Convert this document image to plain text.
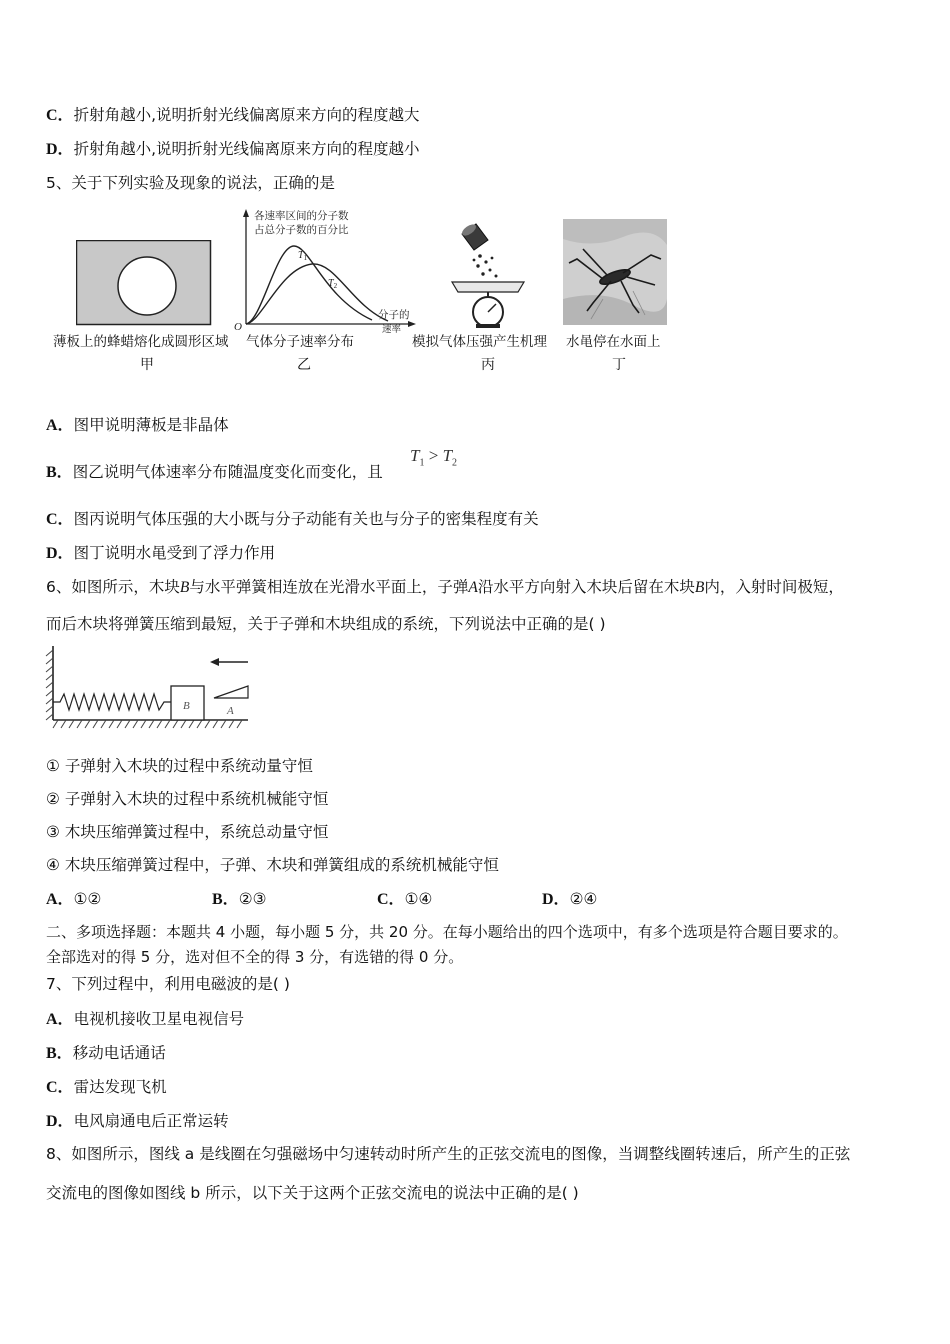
C．折射角越小,说明折射光线偏离原来方向的程度越大
D．折射角越小,说明折射光线偏离原来方向的程度越小
5、关于下列实验及现象的说法，正确的是
薄板上的蜂蜡熔化成圆形区域
甲
各速率区间的分子数
占总分子数的百分比
分子的
速率
O
$T_1$
$T_2$
气体分子速率分布
乙
模拟气体压强产生机理
丙
水黾停在水面上
丁
A．图甲说明薄板是非晶体
B．图乙说明气体速率分布随温度变化而变化，且
$T_1 > T_2$
C．图丙说明气体压强的大小既与分子动能有关也与分子的密集程度有关
D．图丁说明水黾受到了浮力作用
6、如图所示，木块B与水平弹簧相连放在光滑水平面上，子弹A沿水平方向射入木块后留在木块B内，入射时间极短，
而后木块将弹簧压缩到最短，关于子弹和木块组成的系统，下列说法中正确的是( )
B	A
① 子弹射入木块的过程中系统动量守恒
② 子弹射入木块的过程中系统机械能守恒
③ 木块压缩弹簧过程中，系统总动量守恒
④ 木块压缩弹簧过程中，子弹、木块和弹簧组成的系统机械能守恒
A．①②	B．②③	C．①④	D．②④
二、多项选择题：本题共 4 小题，每小题 5 分，共 20 分。在每小题给出的四个选项中，有多个选项是符合题目要求的。
全部选对的得 5 分，选对但不全的得 3 分，有选错的得 0 分。
7、下列过程中，利用电磁波的是( )
A．电视机接收卫星电视信号
B．移动电话通话
C．雷达发现飞机
D．电风扇通电后正常运转
8、如图所示，图线 a 是线圈在匀强磁场中匀速转动时所产生的正弦交流电的图像，当调整线圈转速后，所产生的正弦
交流电的图像如图线 b 所示，以下关于这两个正弦交流电的说法中正确的是( )
